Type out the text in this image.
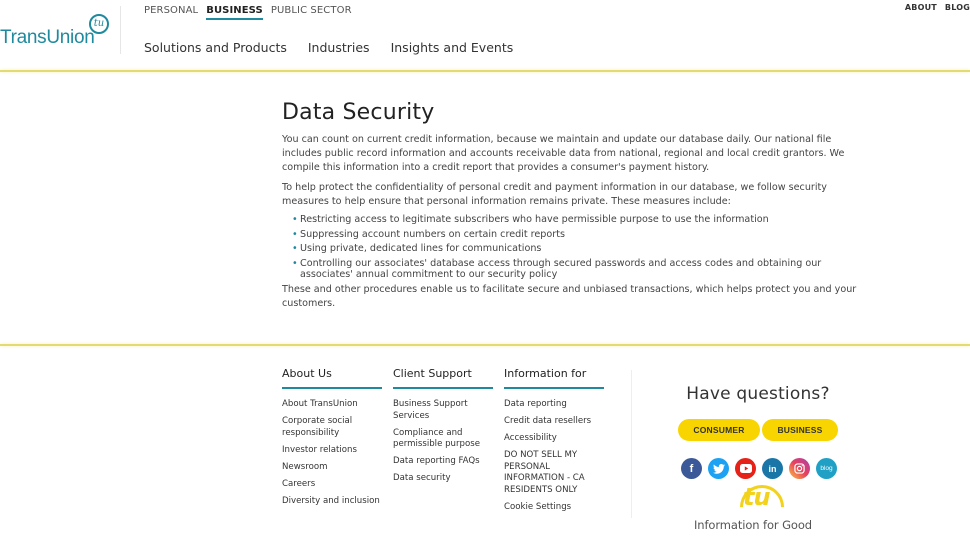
TransUnion
tu
PERSONAL BUSINESS PUBLIC SECTOR
Solutions and Products Industries Insights and Events
ABOUT BLOG
Data Security

You can count on current credit information, because we maintain and update our database daily. Our national file includes public record information and accounts receivable data from national, regional and local credit grantors. We compile this information into a credit report that provides a consumer's payment history.

To help protect the confidentiality of personal credit and payment information in our database, we follow security measures to help ensure that personal information remains private. These measures include:

• Restricting access to legitimate subscribers who have permissible purpose to use the information
• Suppressing account numbers on certain credit reports
• Using private, dedicated lines for communications
• Controlling our associates' database access through secured passwords and access codes and obtaining our associates' annual commitment to our security policy

These and other procedures enable us to facilitate secure and unbiased transactions, which helps protect you and your customers.

About Us
About TransUnion
Corporate social responsibility
Investor relations
Newsroom
Careers
Diversity and inclusion
Client Support
Business Support Services
Compliance and permissible purpose
Data reporting FAQs
Data security
Information for
Data reporting
Credit data resellers
Accessibility
DO NOT SELL MY PERSONAL INFORMATION - CA RESIDENTS ONLY
Cookie Settings
Have questions?
CONSUMER	BUSINESS
f	in	blog
tu
Information for Good
